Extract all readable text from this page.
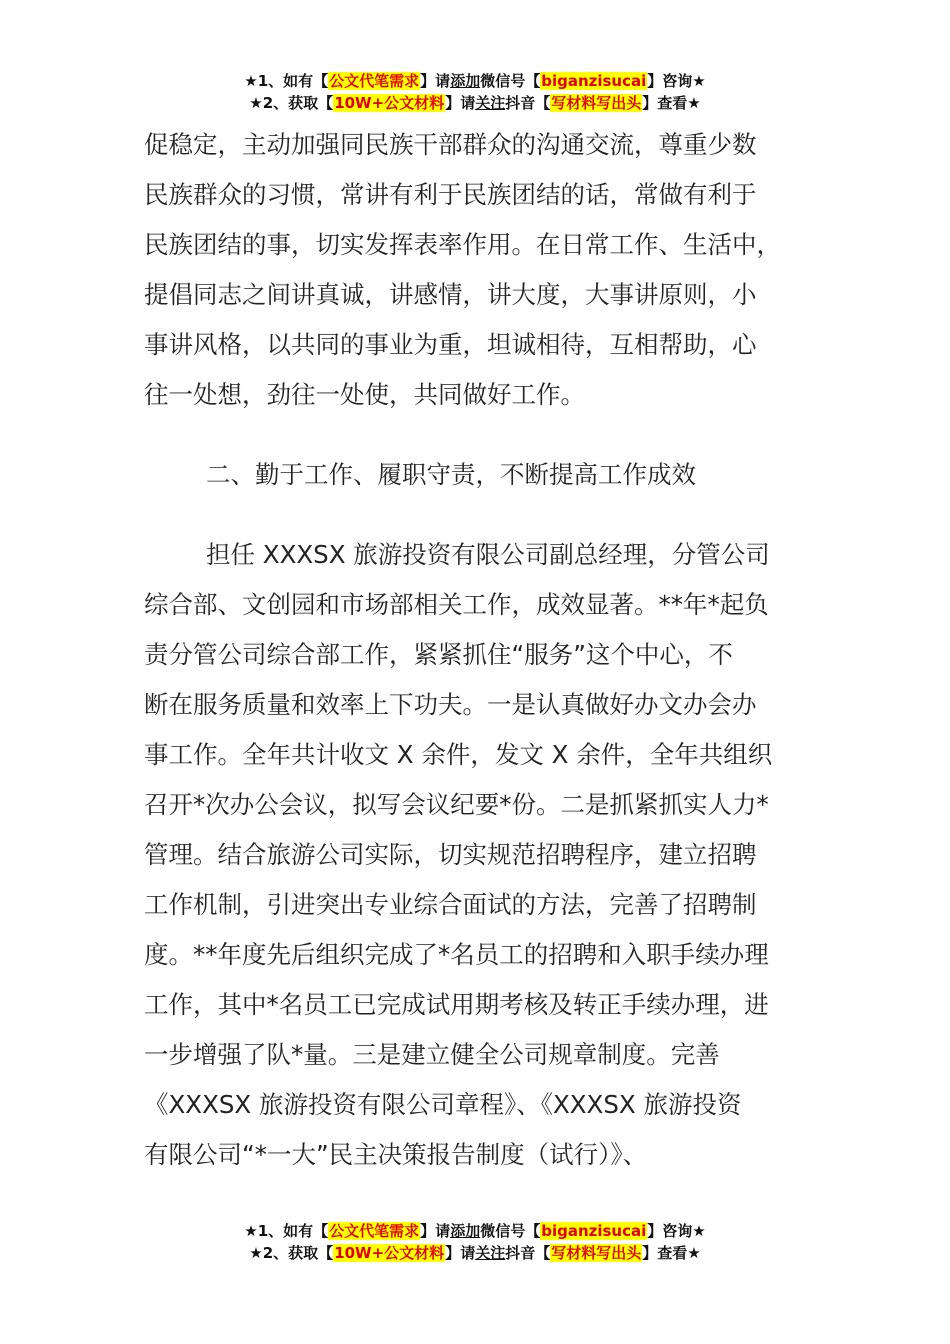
★1、如有【公文代笔需求】请添加微信号【biganzisucai】咨询★
★2、获取【10W+公文材料】请关注抖音【写材料写出头】查看★

促稳定，主动加强同民族干部群众的沟通交流，尊重少数
民族群众的习惯，常讲有利于民族团结的话，常做有利于
民族团结的事，切实发挥表率作用。在日常工作、生活中，
提倡同志之间讲真诚，讲感情，讲大度，大事讲原则，小
事讲风格，以共同的事业为重，坦诚相待，互相帮助，心
往一处想，劲往一处使，共同做好工作。

二、勤于工作、履职守责，不断提高工作成效

担任 XXXSX 旅游投资有限公司副总经理，分管公司
综合部、文创园和市场部相关工作，成效显著。**年*起负
责分管公司综合部工作，紧紧抓住“服务”这个中心，不
断在服务质量和效率上下功夫。一是认真做好办文办会办
事工作。全年共计收文 X 余件，发文 X 余件，全年共组织
召开*次办公会议，拟写会议纪要*份。二是抓紧抓实人力*
管理。结合旅游公司实际，切实规范招聘程序，建立招聘
工作机制，引进突出专业综合面试的方法，完善了招聘制
度。**年度先后组织完成了*名员工的招聘和入职手续办理
工作，其中*名员工已完成试用期考核及转正手续办理，进
一步增强了队*量。三是建立健全公司规章制度。完善
《XXXSX 旅游投资有限公司章程》、《XXXSX 旅游投资
有限公司“*一大”民主决策报告制度（试行）》、

★1、如有【公文代笔需求】请添加微信号【biganzisucai】咨询★
★2、获取【10W+公文材料】请关注抖音【写材料写出头】查看★
